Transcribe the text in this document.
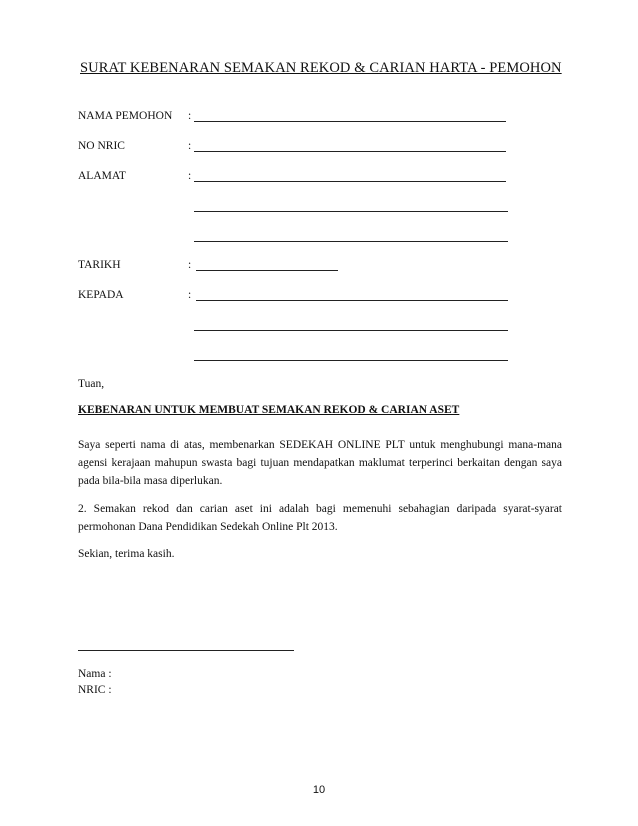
SURAT KEBENARAN SEMAKAN REKOD & CARIAN HARTA - PEMOHON
NAMA PEMOHON :
NO NRIC	:
ALAMAT	:
TARIKH	:
KEPADA	:
Tuan,
KEBENARAN UNTUK MEMBUAT SEMAKAN REKOD & CARIAN ASET
Saya seperti nama di atas, membenarkan SEDEKAH ONLINE PLT untuk menghubungi mana-mana agensi kerajaan mahupun swasta bagi tujuan mendapatkan maklumat terperinci berkaitan dengan saya pada bila-bila masa diperlukan.
2. Semakan rekod dan carian aset ini adalah bagi memenuhi sebahagian daripada syarat-syarat permohonan Dana Pendidikan Sedekah Online Plt 2013.
Sekian, terima kasih.
Nama :
NRIC :
10
